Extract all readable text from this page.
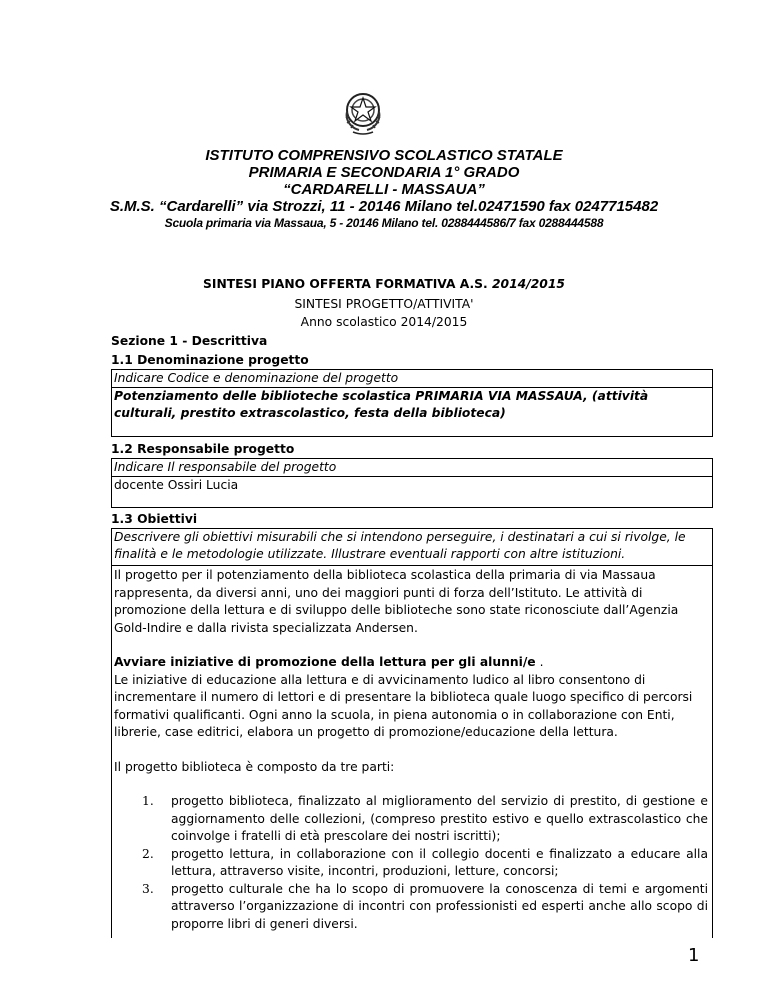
ISTITUTO COMPRENSIVO SCOLASTICO STATALE
PRIMARIA E SECONDARIA 1° GRADO
“CARDARELLI - MASSAUA”
S.M.S. “Cardarelli” via Strozzi, 11 - 20146 Milano tel.02471590 fax 0247715482
Scuola primaria via Massaua, 5 - 20146 Milano tel. 0288444586/7 fax 0288444588
SINTESI PIANO OFFERTA FORMATIVA A.S. 2014/2015
SINTESI PROGETTO/ATTIVITA'
Anno scolastico 2014/2015
Sezione 1 - Descrittiva
1.1 Denominazione progetto
Indicare Codice e denominazione del progetto
Potenziamento delle biblioteche scolastica PRIMARIA VIA MASSAUA, (attività culturali, prestito extrascolastico, festa della biblioteca)
1.2 Responsabile progetto
Indicare Il responsabile del progetto
docente Ossiri Lucia
1.3 Obiettivi
Descrivere gli obiettivi misurabili che si intendono perseguire, i destinatari a cui si rivolge, le finalità e le metodologie utilizzate. Illustrare eventuali rapporti con altre istituzioni.
Il progetto per il potenziamento della biblioteca scolastica della primaria di via Massaua rappresenta, da diversi anni, uno dei maggiori punti di forza dell’Istituto. Le attività di promozione della lettura e di sviluppo delle biblioteche sono state riconosciute dall’Agenzia Gold-Indire e dalla rivista specializzata Andersen.
Avviare iniziative di promozione della lettura per gli alunni/e .
Le iniziative di educazione alla lettura e di avvicinamento ludico al libro consentono di incrementare il numero di lettori e di presentare la biblioteca quale luogo specifico di percorsi formativi qualificanti. Ogni anno la scuola, in piena autonomia o in collaborazione con Enti, librerie, case editrici, elabora un progetto di promozione/educazione della lettura.
Il progetto biblioteca è composto da tre parti:
1. progetto biblioteca, finalizzato al miglioramento del servizio di prestito, di gestione e aggiornamento delle collezioni, (compreso prestito estivo e quello extrascolastico che coinvolge i fratelli di età prescolare dei nostri iscritti);
2. progetto lettura, in collaborazione con il collegio docenti e finalizzato a educare alla lettura, attraverso visite, incontri, produzioni, letture, concorsi;
3. progetto culturale che ha lo scopo di promuovere la conoscenza di temi e argomenti attraverso l’organizzazione di incontri con professionisti ed esperti anche allo scopo di proporre libri di generi diversi.
1
